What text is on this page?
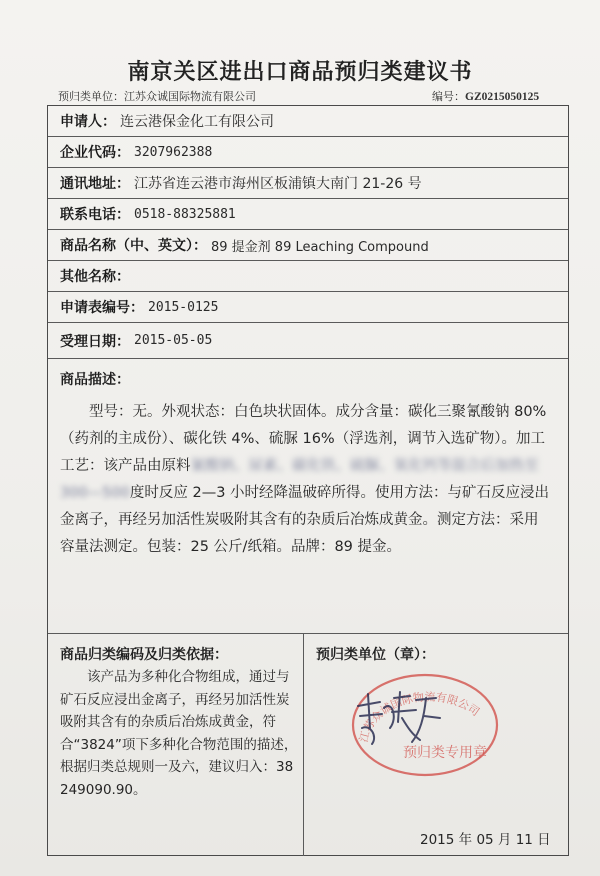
南京关区进出口商品预归类建议书
预归类单位：江苏众诚国际物流有限公司	编号：GZ0215050125
申请人： 连云港保金化工有限公司
企业代码： 3207962388
通讯地址： 江苏省连云港市海州区板浦镇大南门 21-26 号
联系电话： 0518-88325881
商品名称（中、英文）： 89 提金剂 89 Leaching Compound
其他名称：
申请表编号： 2015-0125
受理日期： 2015-05-05
商品描述：
型号：无。外观状态：白色块状固体。成分含量：碳化三聚氰酸钠 80%（药剂的主成份）、碳化铁 4%、硫脲 16%（浮选剂，调节入选矿物）。加工工艺：该产品由原料氰酸钠、尿素、碳化铁、硫脲、氧化钙等混合后加热至 300—500度时反应 2—3 小时经降温破碎所得。使用方法：与矿石反应浸出金离子，再经另加活性炭吸附其含有的杂质后冶炼成黄金。测定方法：采用容量法测定。包装：25 公斤/纸箱。品牌：89 提金。
商品归类编码及归类依据：
该产品为多种化合物组成，通过与矿石反应浸出金离子，再经另加活性炭吸附其含有的杂质后冶炼成黄金，符合“3824”项下多种化合物范围的描述，根据归类总规则一及六，建议归入：38249090.90。
预归类单位（章）：
2015 年 05 月 11 日
江苏众诚国际物流有限公司
预归类专用章
